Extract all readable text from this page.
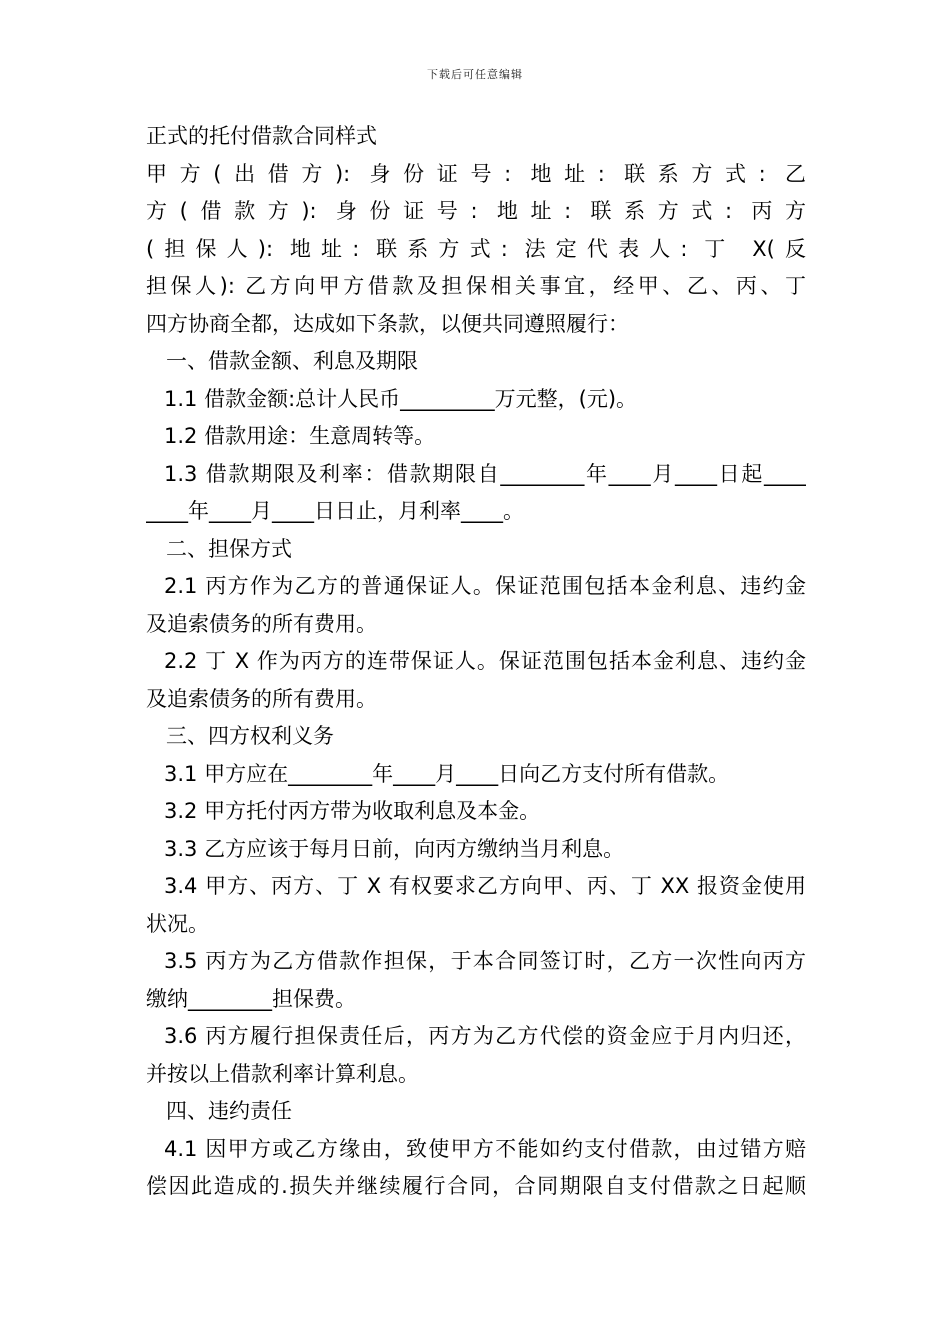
下载后可任意编辑
正式的托付借款合同样式
甲方(出借方): 身份证号: 地址: 联系方式: 乙
方(借款方): 身份证号: 地址: 联系方式: 丙方
(担保人): 地址: 联系方式: 法定代表人: 丁 X(反
担保人): 乙方向甲方借款及担保相关事宜，经甲、乙、丙、丁
四方协商全都，达成如下条款，以便共同遵照履行：
一、借款金额、利息及期限
1.1 借款金额:总计人民币_________万元整，(元)。
1.2 借款用途：生意周转等。
1.3 借款期限及利率：借款期限自________年____月____日起____
____年____月____日日止，月利率____。
二、担保方式
2.1 丙方作为乙方的普通保证人。保证范围包括本金利息、违约金
及追索债务的所有费用。
2.2 丁 X 作为丙方的连带保证人。保证范围包括本金利息、违约金
及追索债务的所有费用。
三、四方权利义务
3.1 甲方应在________年____月____日向乙方支付所有借款。
3.2 甲方托付丙方带为收取利息及本金。
3.3 乙方应该于每月日前，向丙方缴纳当月利息。
3.4 甲方、丙方、丁 X 有权要求乙方向甲、丙、丁 XX 报资金使用
状况。
3.5 丙方为乙方借款作担保，于本合同签订时，乙方一次性向丙方
缴纳________担保费。
3.6 丙方履行担保责任后，丙方为乙方代偿的资金应于月内归还，
并按以上借款利率计算利息。
四、违约责任
4.1 因甲方或乙方缘由，致使甲方不能如约支付借款，由过错方赔
偿因此造成的.损失并继续履行合同，合同期限自支付借款之日起顺
